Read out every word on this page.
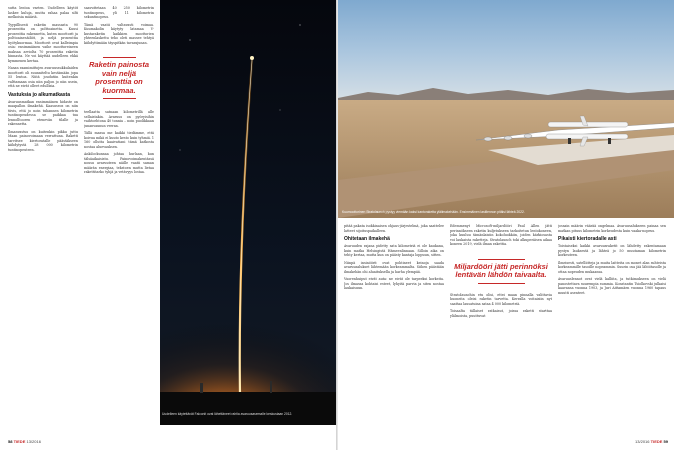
sutta lentoa varten. Uudelleen käytöt laskee kuluja, mutta rahaa palaa silti melkoisia määriä.

Tyypillisesti raketin massasta 90 prosenttia on polttoainetta. Kuusi prosenttia rakennetta, kuten moottorit ja polttoainesäiliöt, ja neljä prosenttia hyötykuormaa. Moottorit ovat kalleimpia osia: ensimmäinen vaihe moottoreineen maksaa arviolta 70 prosenttia raketin hinnasta. Ne voi käyttää uudelleen ehkä kymmenen kertaa.

Nasan raamimittojen avaruussukkulaiden moottorit oli suunniteltu kestämään jopa 55 lentoa. Niitä joudutiin kuitenkin valttamaan osia niin paljon jo niin usein, että ne eivät olleet edullisia.

Vastuksia jo alkumatkasta

Avaruusmatkan ensimmäinen hidaste on maapallon ilmakehä. Kaasuseos on niin tiivis, että jo noin tuhannen kilometrin tuntinopeudessa se paikkaa tua lennolltooren etenevän tilalle ja rakennetta.

Ilmanvastus on kuitenkin pikku juttu Maan painovoimaan verrattuna. Raketti tarvitsee kiertoratalle päästäkseen kiihdytystä 28 000 kilometrin tuntinopeuteen.

saavuttetaan 40 250 kilometrin tuntinopeus, yli 11 kilometrin sekuntinopeus.

Tämä vaatii valtavasti voimaa. Kuumakolin käytyty latamaa V-kustaraketin kaikkien moottorien yhteenlaskettu teho oleti massee tehtyä kiihdyttimään täyspitkän tavarajunan.

Raketin painosta vain neljä prosenttia on kuormaa.

teellaatta satnaan kilometrillä alle sellaistakin. Avaruus on pyöryisihin vaihtoehtona 40 tonnia – noin puolikkaan junanvaunun verran.

Tällä massa me kaikki tiedämme, että koivua mikä ei kuuto kesto kuin tyhmiä. 1 160 ollutta kaaivatiani tämä katkosta nostaa aluevauksen.

Ankilockunnaa johtaa hurlaan, kun tälsäaikaisistu. Painovoimakentässä nousu avaruuteen näille vaatii saman määrän energiaa, tekstoen mutta lietaa rakettitarko tyhjä ja vetävyys lostaa.

Uudelleen käytettävät Falconit ovat lähettäneet rahtia avaruusasemalle keskustaan 2012.
58 TIEDE 13/2016
Kuumoottorinen Stratolaunch pystyy viemään kaksi kantoraketta yläilmakehään. Ensimmäinen lastilennon pitäisi lähteä 2022.

pitää pakata isokkinaisen ohjaus-järjestelmä, joka saattelee latteet sijoituspaikalleen.

Ohitetaan ilmakehä

Avaruuden rajana pidetty sata kilometriä ei ole kaukana, kuin matka Helsingistä Hämeenlinnaan. Silloin aika on tehty kertaa, mutta kun on päästy kantaja loppuun, sitten.

Niinpä insinöörit ovat pohtineet keinoja saada avaruusalukset lähtemään korkeammalta. Siihen päästään ilmakehän ohi aluaituksella ja harha ylempää.

Vuorenhuiput eivät auta: ne eivät ole tarpeeksi korkeita. Jos ilmassa kohtaisi esteet, lyhyitä parvia ja siten nostaa laukaisuun.

Edemmenyt Microsoft-miljardööri Paul Allen jätti perinnökseen raketin kuljetukseen tarkoitetun lentokoneen, joka kuuluu tämänlaisiin kokoluokkiin, joiden kärkiosasta voi laukaista raketteja. Stratolaunch toki alkuperäisen aikaa koneen 2019, vielä ilman rakettia.

Miljardööri jätti perinnöksi lentävän lähdön taivaalta.

Stratolaunchin etu olisi, ettei maan pinnalla valittavia huoneita oleisi raketin tarvetta. Kerralla voitaisiin nyt saattaa lausatuina sataa 4 000 kilometriä.

Toisaalta tällaiset ratkaisut, joissa raketti starttaa ylälmoista, puuttuvat

jossain määrin väärää ongelmaa. Avaruusalukseen painaa sen matkan pituus kilometrin korkeudesta kuin vaaka-nopeus.

Pikaisti kiertoradalle asti

Toistaiseksi kaikki avaruusraketit on lähdetty rakentamaan pystyn lauksestä ja lähteä jo 50 muutaman kilometrin korkeuteen.

Ilmeisesti, satelliitteja ja muita laitteita on monet alan suhteista korkeammille tasoille nopeammin. Suurin osa jää lähtötasolle ja ottaa nopeuden mukaansa.

Avaruuslennot ovat vielä kalliita, ja tutkimukseen on vielä panostettava suurempia summia. Konstantin Tsiolkovski julkaisi kaavansa vuonna 1903, ja Juri Aittamäen vuonna 1960 tapaus muutti asenteet.

13/2016 TIEDE 59
